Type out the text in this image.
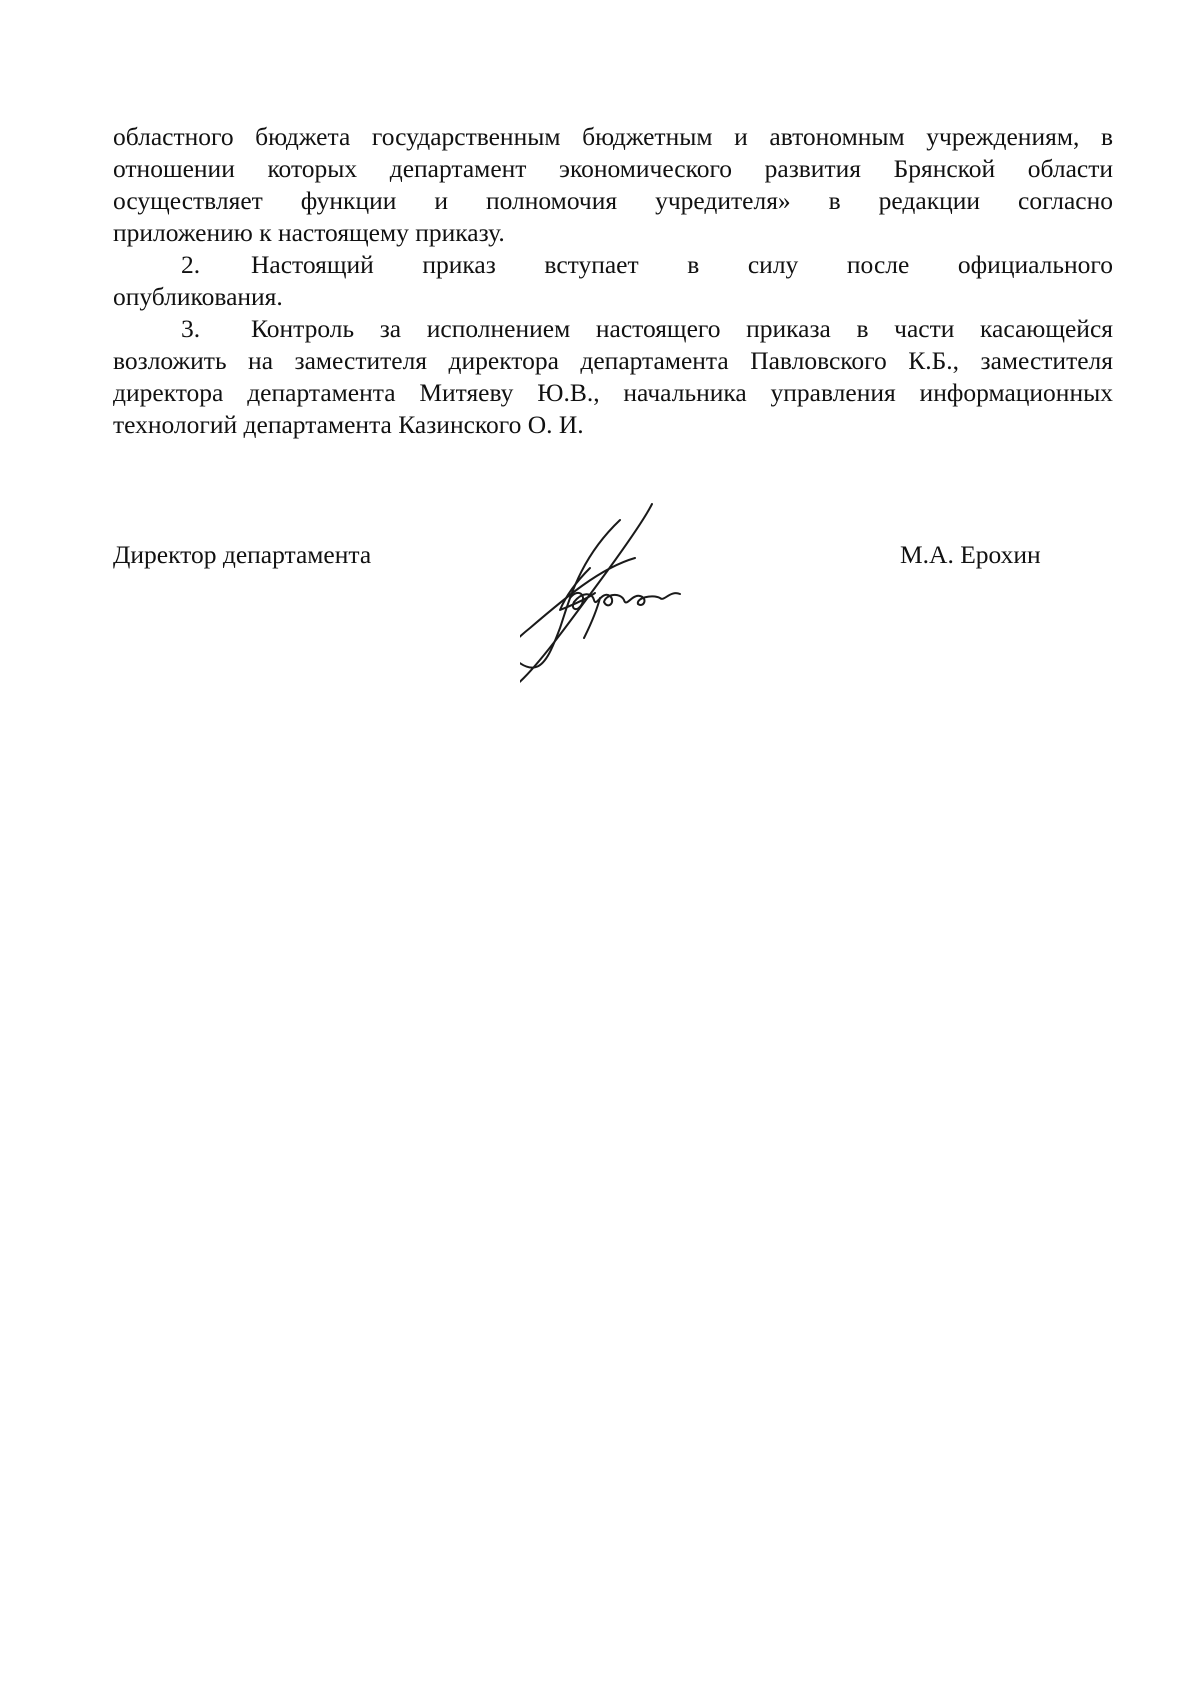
областного бюджета государственным бюджетным и автономным учреждениям, в

отношении которых департамент экономического развития Брянской области

осуществляет функции и полномочия учредителя» в редакции согласно

приложению к настоящему приказу.

2. Настоящий приказ вступает в силу после официального

опубликования.

3. Контроль за исполнением настоящего приказа в части касающейся

возложить на заместителя директора департамента Павловского К.Б., заместителя

директора департамента Митяеву Ю.В., начальника управления информационных

технологий департамента Казинского О. И.

Директор департамента	М.А. Ерохин
